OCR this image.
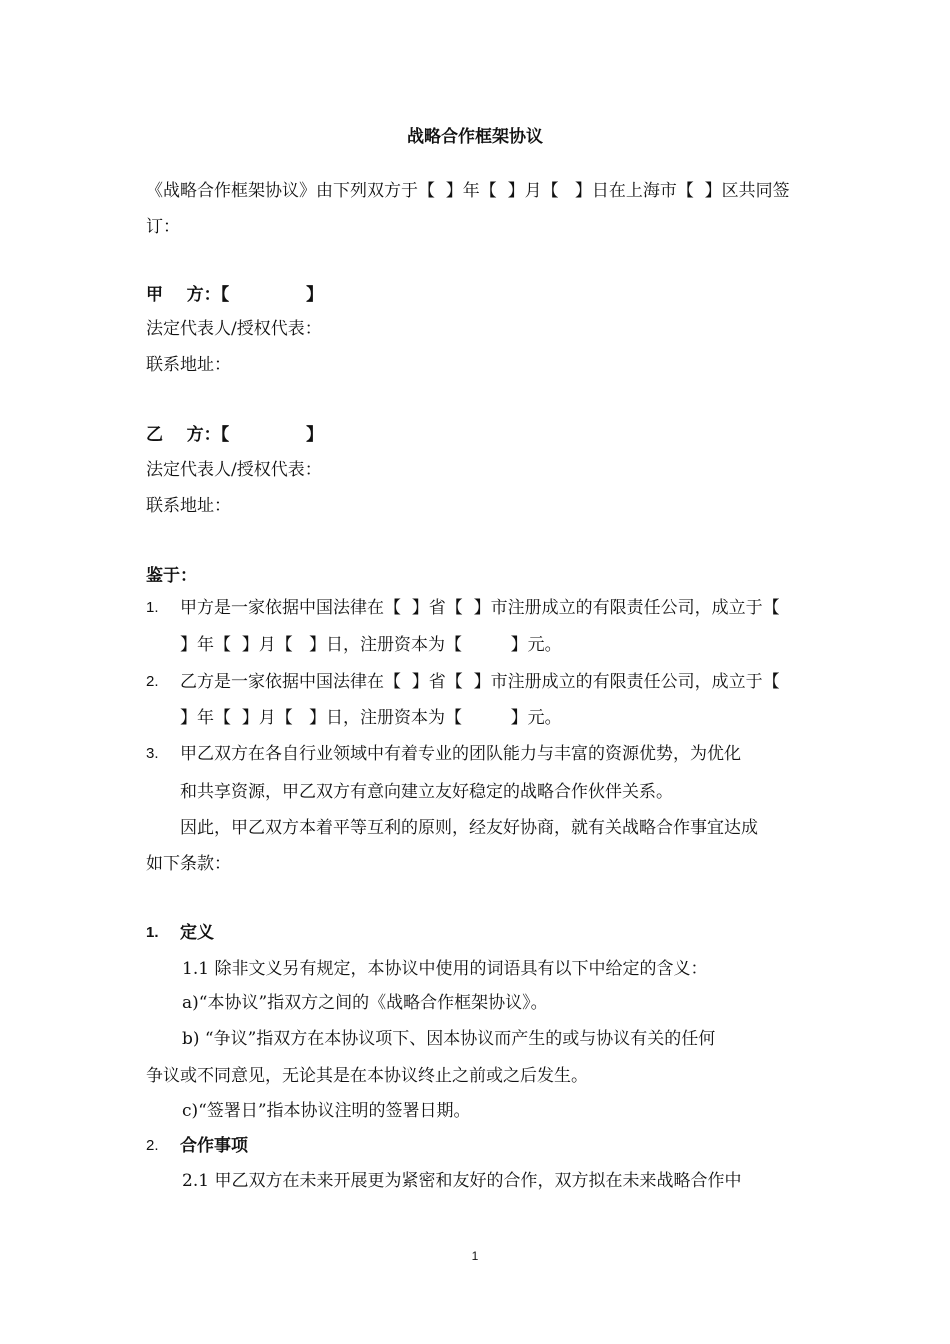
战略合作框架协议
《战略合作框架协议》由下列双方于【  】年【  】月【   】日在上海市【  】区共同签
订：
甲    方：【             】
法定代表人/授权代表：
联系地址：
乙    方：【             】
法定代表人/授权代表：
联系地址：
鉴于：
1. 甲方是一家依据中国法律在【  】省【  】市注册成立的有限责任公司，成立于【
】年【  】月【   】日，注册资本为【         】元。
2. 乙方是一家依据中国法律在【  】省【  】市注册成立的有限责任公司，成立于【
】年【  】月【   】日，注册资本为【         】元。
3. 甲乙双方在各自行业领域中有着专业的团队能力与丰富的资源优势，为优化
和共享资源，甲乙双方有意向建立友好稳定的战略合作伙伴关系。
因此，甲乙双方本着平等互利的原则，经友好协商，就有关战略合作事宜达成
如下条款：
1. 定义
1.1 除非文义另有规定，本协议中使用的词语具有以下中给定的含义：
a)“本协议”指双方之间的《战略合作框架协议》。
b) “争议”指双方在本协议项下、因本协议而产生的或与协议有关的任何
争议或不同意见，无论其是在本协议终止之前或之后发生。
c)“签署日”指本协议注明的签署日期。
2. 合作事项
2.1 甲乙双方在未来开展更为紧密和友好的合作，双方拟在未来战略合作中
1
